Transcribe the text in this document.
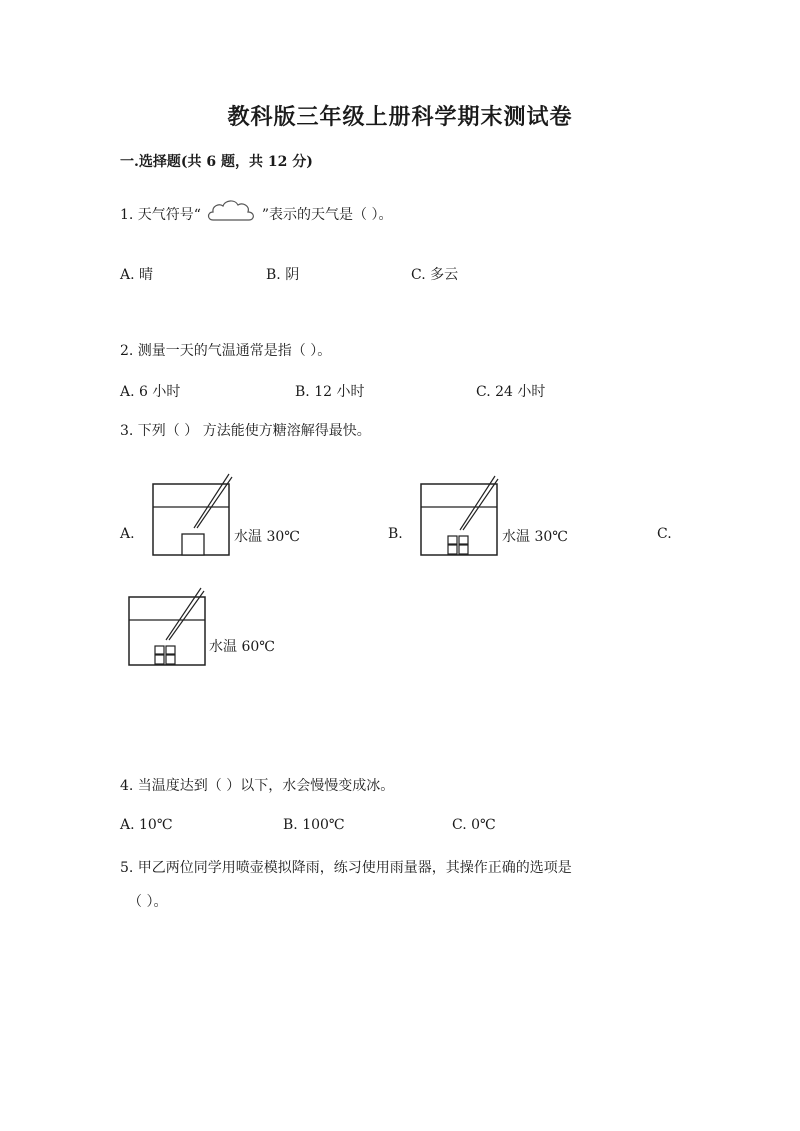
教科版三年级上册科学期末测试卷
一.选择题(共 6 题，共 12 分)
1. 天气符号“	”表示的天气是（ ）。
A. 晴	B. 阴	C. 多云
2. 测量一天的气温通常是指（ ）。
A. 6 小时	B. 12 小时	C. 24 小时
3. 下列（ ） 方法能使方糖溶解得最快。
A.	水温 30℃	B.	水温 30℃	C.
水温 60℃
4. 当温度达到（ ）以下，水会慢慢变成冰。
A. 10℃	B. 100℃	C. 0℃
5. 甲乙两位同学用喷壶模拟降雨，练习使用雨量器，其操作正确的选项是
（ ）。
